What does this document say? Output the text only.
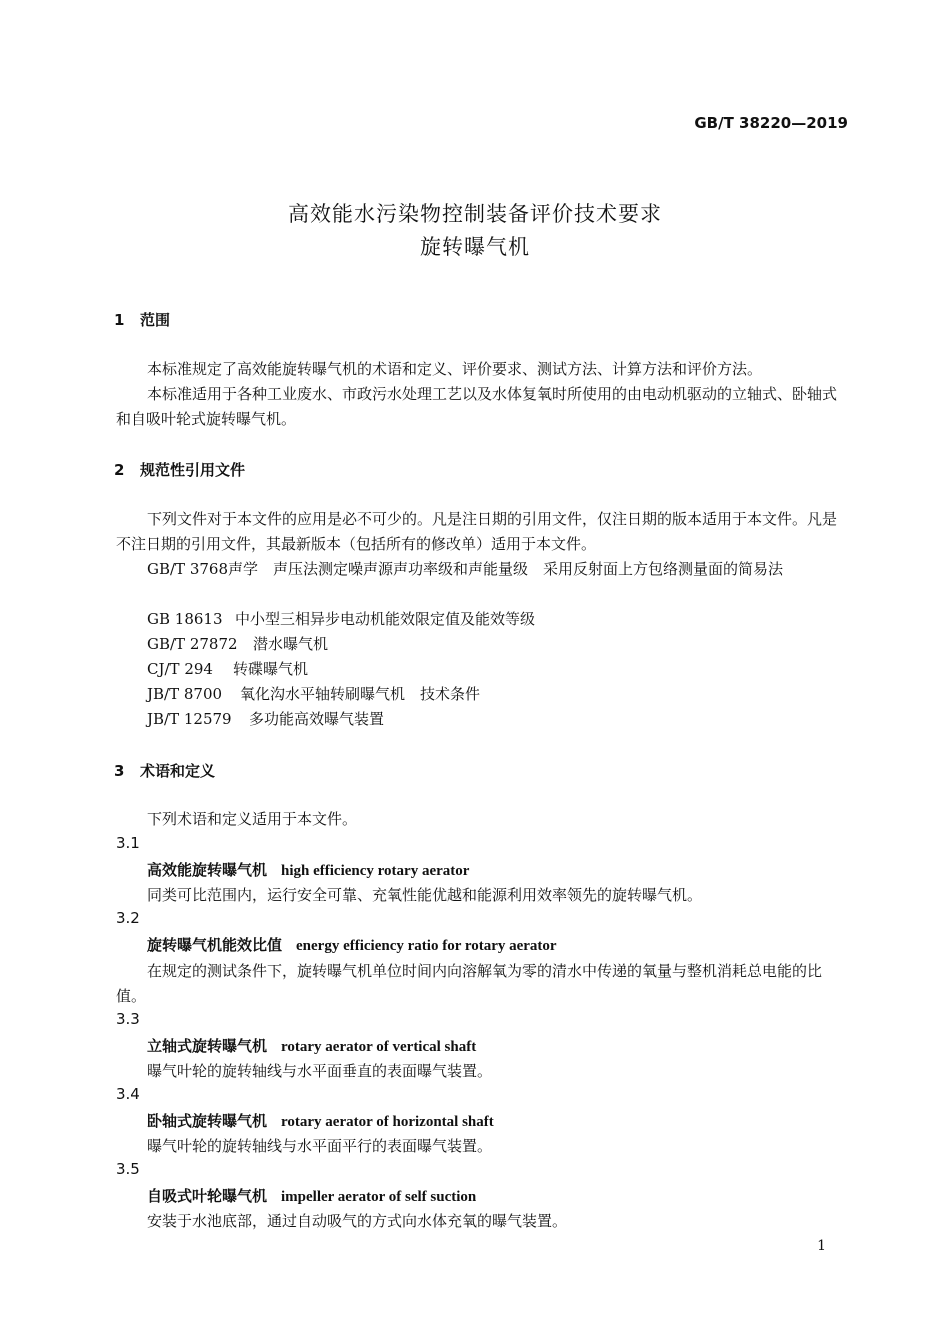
GB/T 38220—2019
高效能水污染物控制装备评价技术要求
旋转曝气机
1 范围
本标准规定了高效能旋转曝气机的术语和定义、评价要求、测试方法、计算方法和评价方法。
本标准适用于各种工业废水、市政污水处理工艺以及水体复氧时所使用的由电动机驱动的立轴式、卧轴式和自吸叶轮式旋转曝气机。
2 规范性引用文件
下列文件对于本文件的应用是必不可少的。凡是注日期的引用文件，仅注日期的版本适用于本文件。凡是不注日期的引用文件，其最新版本（包括所有的修改单）适用于本文件。
GB/T 3768声学　声压法测定噪声源声功率级和声能量级　采用反射面上方包络测量面的简易法
GB 18613 中小型三相异步电动机能效限定值及能效等级
GB/T 27872 潜水曝气机
CJ/T 294 转碟曝气机
JB/T 8700 氧化沟水平轴转刷曝气机　技术条件
JB/T 12579 多功能高效曝气装置
3 术语和定义
下列术语和定义适用于本文件。
3.1
高效能旋转曝气机 high efficiency rotary aerator
同类可比范围内，运行安全可靠、充氧性能优越和能源利用效率领先的旋转曝气机。
3.2
旋转曝气机能效比值 energy efficiency ratio for rotary aerator
在规定的测试条件下，旋转曝气机单位时间内向溶解氧为零的清水中传递的氧量与整机消耗总电能的比值。
3.3
立轴式旋转曝气机 rotary aerator of vertical shaft
曝气叶轮的旋转轴线与水平面垂直的表面曝气装置。
3.4
卧轴式旋转曝气机 rotary aerator of horizontal shaft
曝气叶轮的旋转轴线与水平面平行的表面曝气装置。
3.5
自吸式叶轮曝气机 impeller aerator of self suction
安装于水池底部，通过自动吸气的方式向水体充氧的曝气装置。
1
